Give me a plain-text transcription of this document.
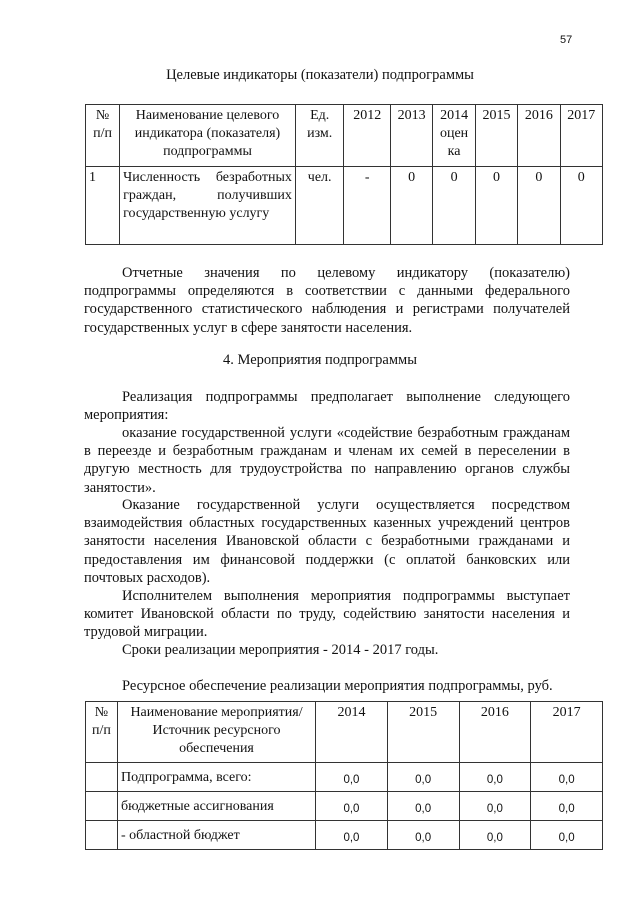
57
Целевые индикаторы (показатели) подпрограммы
№
п/п	Наименование целевого индикатора (показателя) подпрограммы	Ед. изм.	2012	2013	2014 оцен ка	2015	2016	2017
1	Численность безработных граждан, получивших государственную услугу	чел.	-	0	0	0	0	0

Отчетные значения по целевому индикатору (показателю) подпрограммы определяются в соответствии с данными федерального государственного статистического наблюдения и регистрами получателей государственных услуг в сфере занятости населения.

4. Мероприятия подпрограммы

Реализация подпрограммы предполагает выполнение следующего мероприятия:

оказание государственной услуги «содействие безработным гражданам в переезде и безработным гражданам и членам их семей в переселении в другую местность для трудоустройства по направлению органов службы занятости».

Оказание государственной услуги осуществляется посредством взаимодействия областных государственных казенных учреждений центров занятости населения Ивановской области с безработными гражданами и предоставления им финансовой поддержки (с оплатой банковских или почтовых расходов).

Исполнителем выполнения мероприятия подпрограммы выступает комитет Ивановской области по труду, содействию занятости населения и трудовой миграции.

Сроки реализации мероприятия - 2014 - 2017 годы.

Ресурсное обеспечение реализации мероприятия подпрограммы, руб.

№
п/п	Наименование мероприятия/Источник ресурсного обеспечения	2014	2015	2016	2017
	Подпрограмма, всего:	0,0	0,0	0,0	0,0
	бюджетные ассигнования	0,0	0,0	0,0	0,0
	- областной бюджет	0,0	0,0	0,0	0,0
